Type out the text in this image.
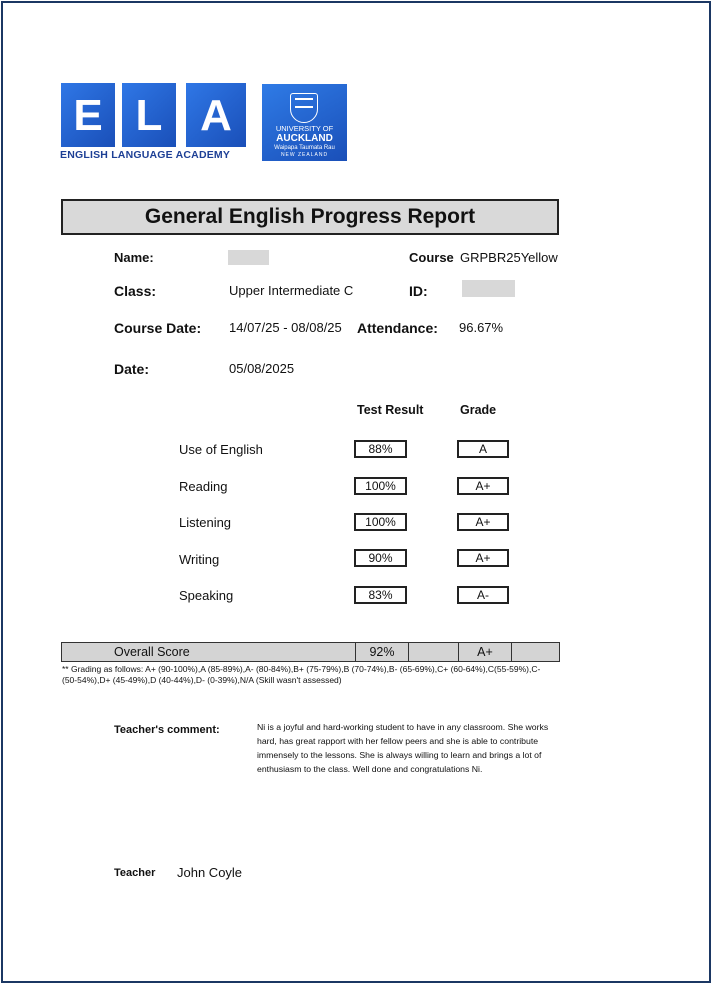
E L A
ENGLISH LANGUAGE ACADEMY
UNIVERSITY OF
AUCKLAND
Waipapa Taumata Rau
NEW ZEALAND
General English Progress Report
Name:	Course GRPBR25Yellow
Class:	Upper Intermediate C	ID:
Course Date: 14/07/25 - 08/08/25 Attendance: 96.67%
Date:	05/08/2025
Test Result	Grade
Use of English	88%	A
Reading	100%	A+
Listening	100%	A+
Writing	90%	A+
Speaking	83%	A-
Overall Score	92%	A+
** Grading as follows: A+ (90-100%),A (85-89%),A- (80-84%),B+ (75-79%),B (70-74%),B- (65-69%),C+ (60-64%),C(55-59%),C- (50-54%),D+ (45-49%),D (40-44%),D- (0-39%),N/A (Skill wasn't assessed)
Teacher's comment:	Ni is a joyful and hard-working student to have in any classroom. She works hard, has great rapport with her fellow peers and she is able to contribute immensely to the lessons. She is always willing to learn and brings a lot of enthusiasm to the class. Well done and congratulations Ni.
Teacher John Coyle
